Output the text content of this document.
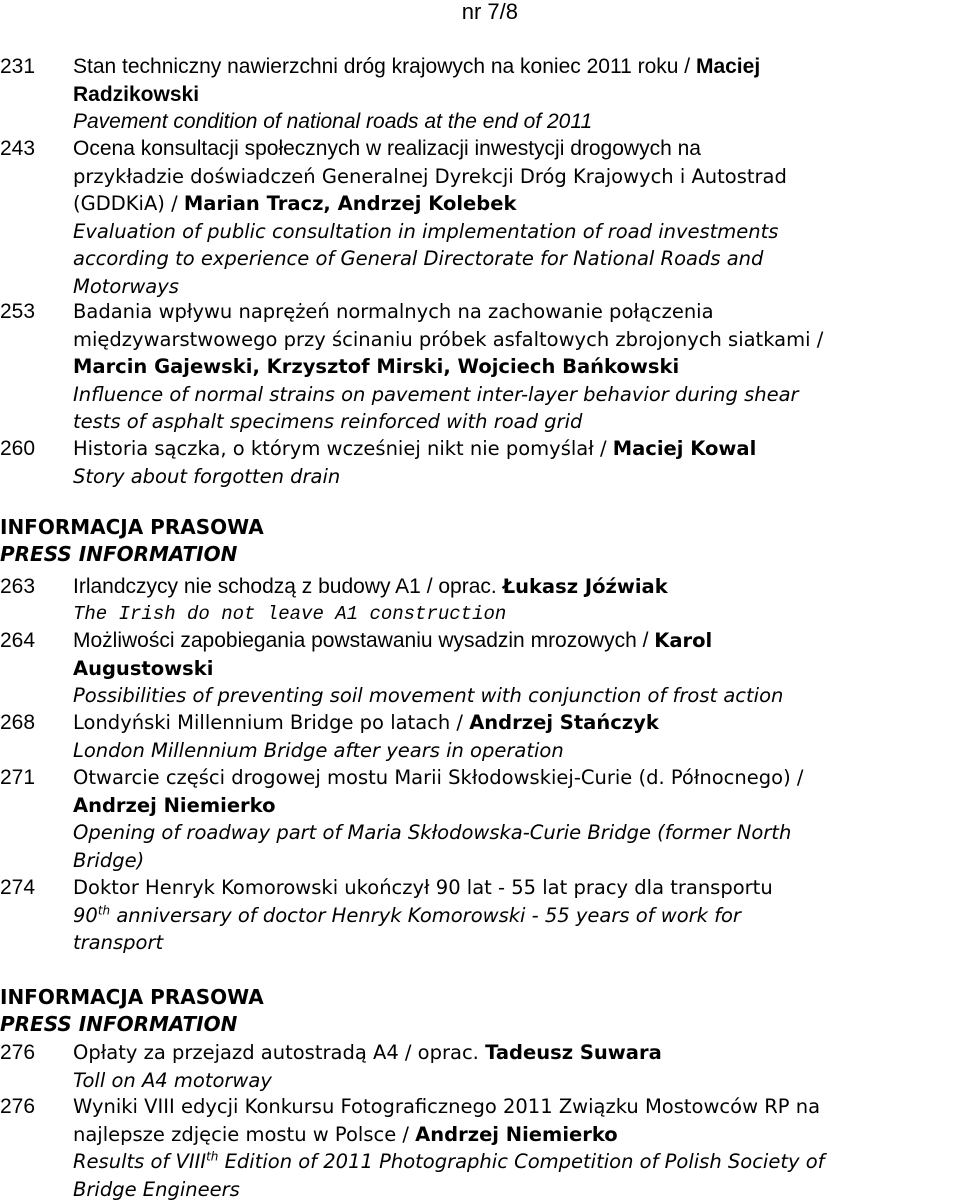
nr 7/8
231 Stan techniczny nawierzchni dróg krajowych na koniec 2011 roku / Maciej
Radzikowski
Pavement condition of national roads at the end of 2011
243 Ocena konsultacji społecznych w realizacji inwestycji drogowych na
przykładzie doświadczeń Generalnej Dyrekcji Dróg Krajowych i Autostrad
(GDDKiA) / Marian Tracz, Andrzej Kolebek
Evaluation of public consultation in implementation of road investments
according to experience of General Directorate for National Roads and
Motorways
253 Badania wpływu naprężeń normalnych na zachowanie połączenia
międzywarstwowego przy ścinaniu próbek asfaltowych zbrojonych siatkami /
Marcin Gajewski, Krzysztof Mirski, Wojciech Bańkowski
Influence of normal strains on pavement inter-layer behavior during shear
tests of asphalt specimens reinforced with road grid
260 Historia sączka, o którym wcześniej nikt nie pomyślał / Maciej Kowal
Story about forgotten drain
INFORMACJA PRASOWA
PRESS INFORMATION
263 Irlandczycy nie schodzą z budowy A1 / oprac. Łukasz Jóźwiak
The Irish do not leave A1 construction
264 Możliwości zapobiegania powstawaniu wysadzin mrozowych / Karol
Augustowski
Possibilities of preventing soil movement with conjunction of frost action
268 Londyński Millennium Bridge po latach / Andrzej Stańczyk
London Millennium Bridge after years in operation
271 Otwarcie części drogowej mostu Marii Skłodowskiej-Curie (d. Północnego) /
Andrzej Niemierko
Opening of roadway part of Maria Skłodowska-Curie Bridge (former North
Bridge)
274 Doktor Henryk Komorowski ukończył 90 lat - 55 lat pracy dla transportu
90th anniversary of doctor Henryk Komorowski - 55 years of work for
transport
INFORMACJA PRASOWA
PRESS INFORMATION
276 Opłaty za przejazd autostradą A4 / oprac. Tadeusz Suwara
Toll on A4 motorway
276 Wyniki VIII edycji Konkursu Fotograficznego 2011 Związku Mostowców RP na
najlepsze zdjęcie mostu w Polsce / Andrzej Niemierko
Results of VIIIth Edition of 2011 Photographic Competition of Polish Society of
Bridge Engineers
